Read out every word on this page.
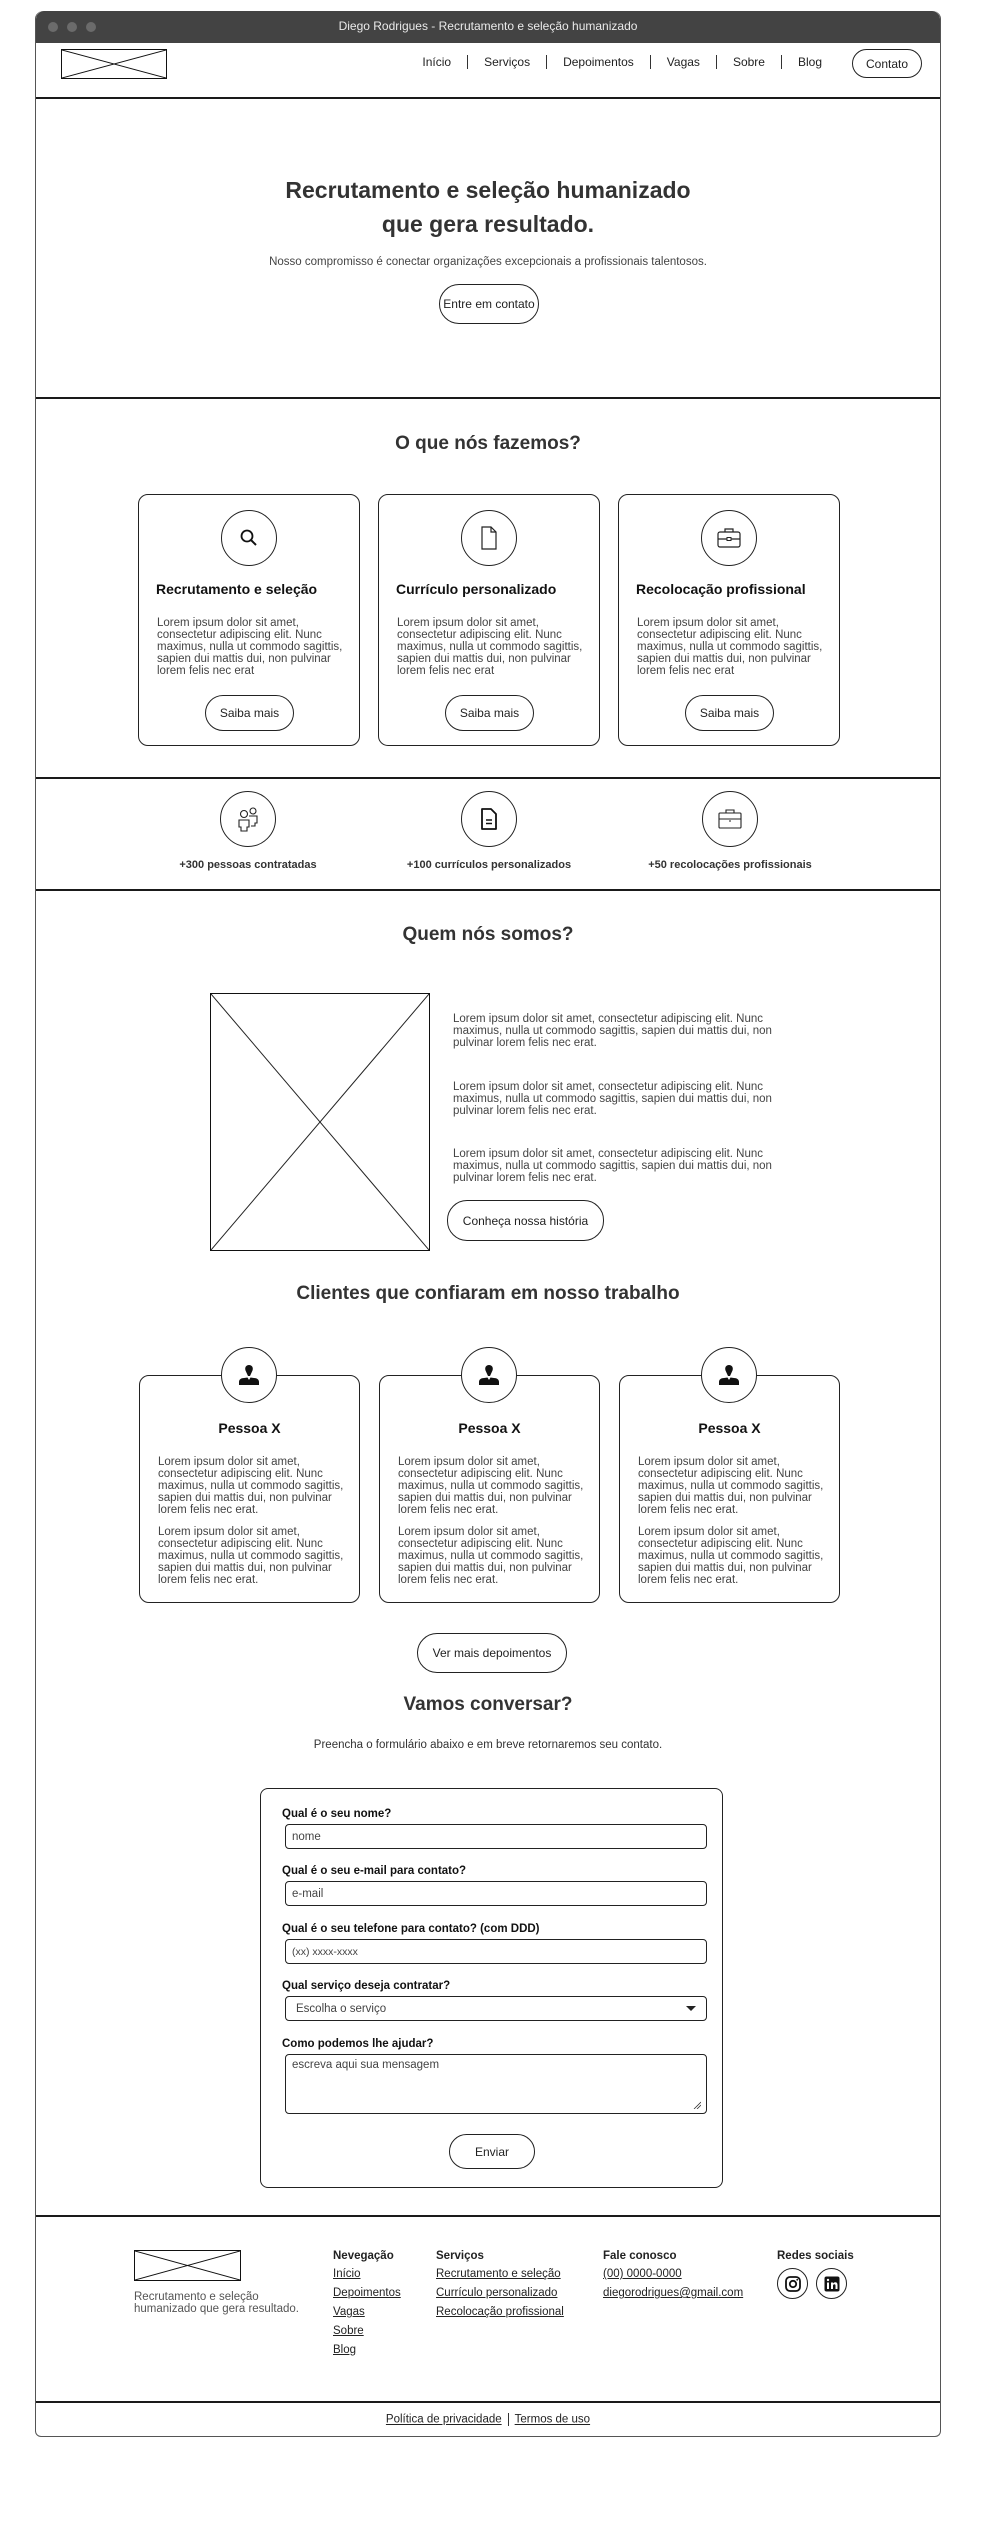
Diego Rodrigues - Recrutamento e seleção humanizado
Início	Serviços	Depoimentos	Vagas	Sobre	Blog	Contato
Recrutamento e seleção humanizado
que gera resultado.

Nosso compromisso é conectar organizações excepcionais a profissionais talentosos.

Entre em contato
O que nós fazemos?
Recrutamento e seleção

Lorem ipsum dolor sit amet, consectetur adipiscing elit. Nunc maximus, nulla ut commodo sagittis, sapien dui mattis dui, non pulvinar lorem felis nec erat

Saiba mais
Currículo personalizado

Lorem ipsum dolor sit amet, consectetur adipiscing elit. Nunc maximus, nulla ut commodo sagittis, sapien dui mattis dui, non pulvinar lorem felis nec erat

Saiba mais
Recolocação profissional

Lorem ipsum dolor sit amet, consectetur adipiscing elit. Nunc maximus, nulla ut commodo sagittis, sapien dui mattis dui, non pulvinar lorem felis nec erat

Saiba mais
+300 pessoas contratadas	+100 currículos personalizados	+50 recolocações profissionais
Quem nós somos?

Lorem ipsum dolor sit amet, consectetur adipiscing elit. Nunc maximus, nulla ut commodo sagittis, sapien dui mattis dui, non pulvinar lorem felis nec erat.

Lorem ipsum dolor sit amet, consectetur adipiscing elit. Nunc maximus, nulla ut commodo sagittis, sapien dui mattis dui, non pulvinar lorem felis nec erat.

Lorem ipsum dolor sit amet, consectetur adipiscing elit. Nunc maximus, nulla ut commodo sagittis, sapien dui mattis dui, non pulvinar lorem felis nec erat.

Conheça nossa história
Clientes que confiaram em nosso trabalho
Pessoa X

Lorem ipsum dolor sit amet, consectetur adipiscing elit. Nunc maximus, nulla ut commodo sagittis, sapien dui mattis dui, non pulvinar lorem felis nec erat.

Lorem ipsum dolor sit amet, consectetur adipiscing elit. Nunc maximus, nulla ut commodo sagittis, sapien dui mattis dui, non pulvinar lorem felis nec erat.

Pessoa X

Lorem ipsum dolor sit amet, consectetur adipiscing elit. Nunc maximus, nulla ut commodo sagittis, sapien dui mattis dui, non pulvinar lorem felis nec erat.

Lorem ipsum dolor sit amet, consectetur adipiscing elit. Nunc maximus, nulla ut commodo sagittis, sapien dui mattis dui, non pulvinar lorem felis nec erat.

Pessoa X

Lorem ipsum dolor sit amet, consectetur adipiscing elit. Nunc maximus, nulla ut commodo sagittis, sapien dui mattis dui, non pulvinar lorem felis nec erat.

Lorem ipsum dolor sit amet, consectetur adipiscing elit. Nunc maximus, nulla ut commodo sagittis, sapien dui mattis dui, non pulvinar lorem felis nec erat.

Ver mais depoimentos
Vamos conversar?
Preencha o formulário abaixo e em breve retornaremos seu contato.
Qual é o seu nome?
nome
Qual é o seu e-mail para contato?
e-mail
Qual é o seu telefone para contato? (com DDD)
(xx) xxxx-xxxx
Qual serviço deseja contratar?
Escolha o serviço
Como podemos lhe ajudar?
escreva aqui sua mensagem
Enviar
Recrutamento e seleção humanizado que gera resultado.
Nevegação
Início
Depoimentos
Vagas
Sobre
Blog
Serviços
Recrutamento e seleção
Currículo personalizado
Recolocação profissional
Fale conosco
(00) 0000-0000
diegorodrigues@gmail.com
Redes sociais
Política de privacidade Termos de uso
